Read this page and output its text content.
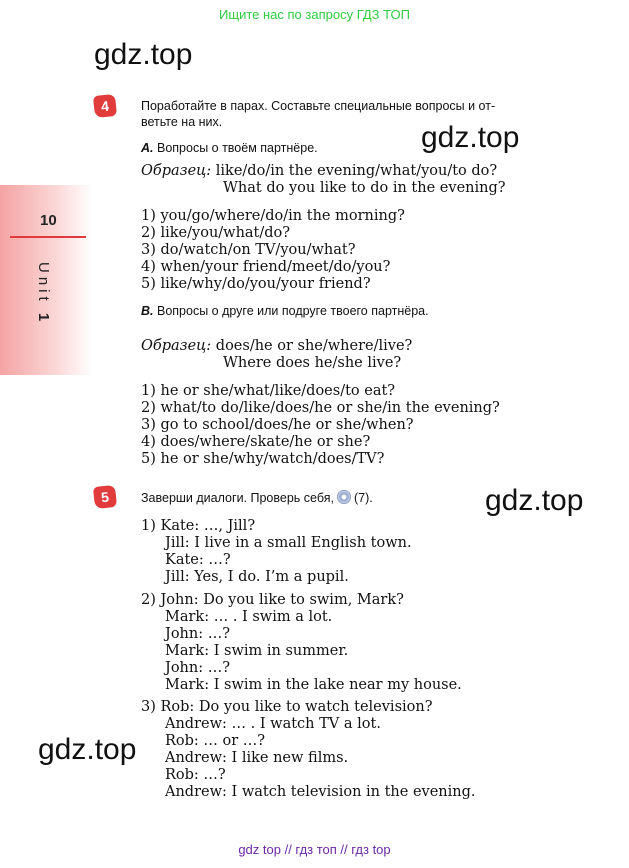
Ищите нас по запросу ГДЗ ТОП
gdz.top
gdz.top
gdz.top
gdz.top
10
Unit 1
4	Поработайте в парах. Составьте специальные вопросы и от-
ветьте на них.
A. Вопросы о твоём партнёре.
Образец: like/do/in the evening/what/you/to do?
What do you like to do in the evening?
1) you/go/where/do/in the morning?
2) like/you/what/do?
3) do/watch/on TV/you/what?
4) when/your friend/meet/do/you?
5) like/why/do/you/your friend?
B. Вопросы о друге или подруге твоего партнёра.
Образец: does/he or she/where/live?
Where does he/she live?
1) he or she/what/like/does/to eat?
2) what/to do/like/does/he or she/in the evening?
3) go to school/does/he or she/when?
4) does/where/skate/he or she?
5) he or she/why/watch/does/TV?
5	Заверши диалоги. Проверь себя, (7).
1) Kate: …, Jill?
Jill: I live in a small English town.
Kate: …?
Jill: Yes, I do. I’m a pupil.
2) John: Do you like to swim, Mark?
Mark: … . I swim a lot.
John: …?
Mark: I swim in summer.
John: …?
Mark: I swim in the lake near my house.
3) Rob: Do you like to watch television?
Andrew: … . I watch TV a lot.
Rob: … or …?
Andrew: I like new films.
Rob: …?
Andrew: I watch television in the evening.
gdz top // гдз топ // гдз top
